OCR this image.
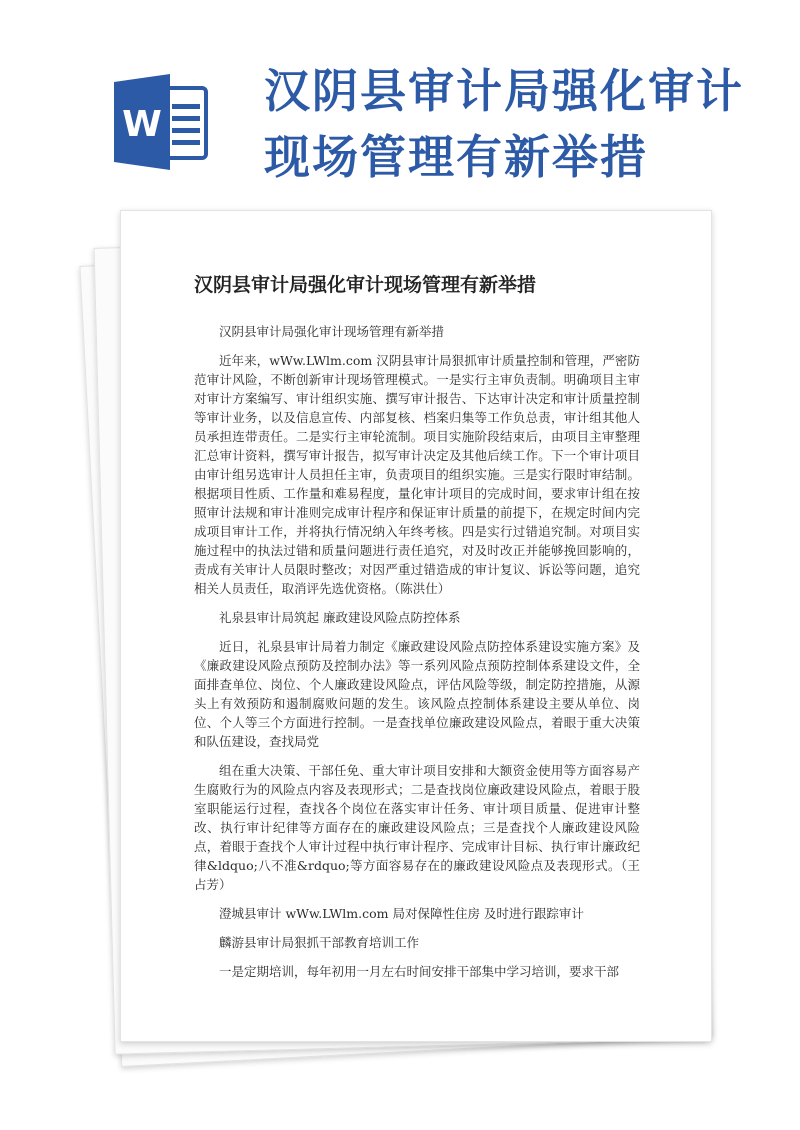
W
汉阴县审计局强化审计
现场管理有新举措
汉阴县审计局强化审计现场管理有新举措

汉阴县审计局强化审计现场管理有新举措

近年来，wWw.LWlm.com 汉阴县审计局狠抓审计质量控制和管理，严密防范审计风险，不断创新审计现场管理模式。一是实行主审负责制。明确项目主审对审计方案编写、审计组织实施、撰写审计报告、下达审计决定和审计质量控制等审计业务，以及信息宣传、内部复核、档案归集等工作负总责，审计组其他人员承担连带责任。二是实行主审轮流制。项目实施阶段结束后，由项目主审整理汇总审计资料，撰写审计报告，拟写审计决定及其他后续工作。下一个审计项目由审计组另选审计人员担任主审，负责项目的组织实施。三是实行限时审结制。根据项目性质、工作量和难易程度，量化审计项目的完成时间，要求审计组在按照审计法规和审计准则完成审计程序和保证审计质量的前提下，在规定时间内完成项目审计工作，并将执行情况纳入年终考核。四是实行过错追究制。对项目实施过程中的执法过错和质量问题进行责任追究，对及时改正并能够挽回影响的，责成有关审计人员限时整改；对因严重过错造成的审计复议、诉讼等问题，追究相关人员责任，取消评先选优资格。（陈洪仕）

礼泉县审计局筑起 廉政建设风险点防控体系

近日，礼泉县审计局着力制定《廉政建设风险点防控体系建设实施方案》及《廉政建设风险点预防及控制办法》等一系列风险点预防控制体系建设文件，全面排查单位、岗位、个人廉政建设风险点，评估风险等级，制定防控措施，从源头上有效预防和遏制腐败问题的发生。该风险点控制体系建设主要从单位、岗位、个人等三个方面进行控制。一是查找单位廉政建设风险点，着眼于重大决策和队伍建设，查找局党

组在重大决策、干部任免、重大审计项目安排和大额资金使用等方面容易产生腐败行为的风险点内容及表现形式；二是查找岗位廉政建设风险点，着眼于股室职能运行过程，查找各个岗位在落实审计任务、审计项目质量、促进审计整改、执行审计纪律等方面存在的廉政建设风险点；三是查找个人廉政建设风险点，着眼于查找个人审计过程中执行审计程序、完成审计目标、执行审计廉政纪律&ldquo;八不准&rdquo;等方面容易存在的廉政建设风险点及表现形式。（王占芳）

澄城县审计 wWw.LWlm.com 局对保障性住房 及时进行跟踪审计

麟游县审计局狠抓干部教育培训工作

一是定期培训，每年初用一月左右时间安排干部集中学习培训，要求干部
